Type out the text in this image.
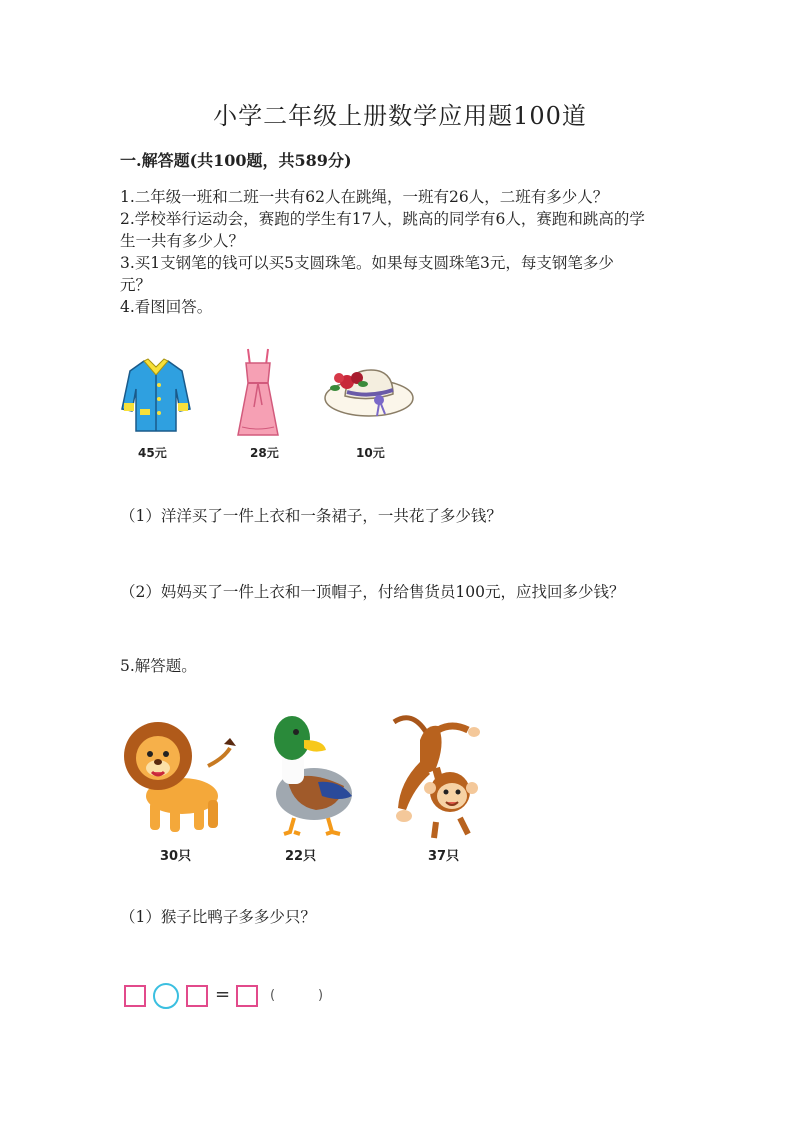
小学二年级上册数学应用题100道
一.解答题(共100题，共589分)
1.二年级一班和二班一共有62人在跳绳，一班有26人，二班有多少人？
2.学校举行运动会，赛跑的学生有17人，跳高的同学有6人，赛跑和跳高的学
生一共有多少人？
3.买1支钢笔的钱可以买5支圆珠笔。如果每支圆珠笔3元，每支钢笔多少
元？
4.看图回答。
45元	28元	10元
（1）洋洋买了一件上衣和一条裙子，一共花了多少钱？
（2）妈妈买了一件上衣和一顶帽子，付给售货员100元，应找回多少钱？
5.解答题。
30只	22只	37只
（1）猴子比鸭子多多少只？
=	(	)
